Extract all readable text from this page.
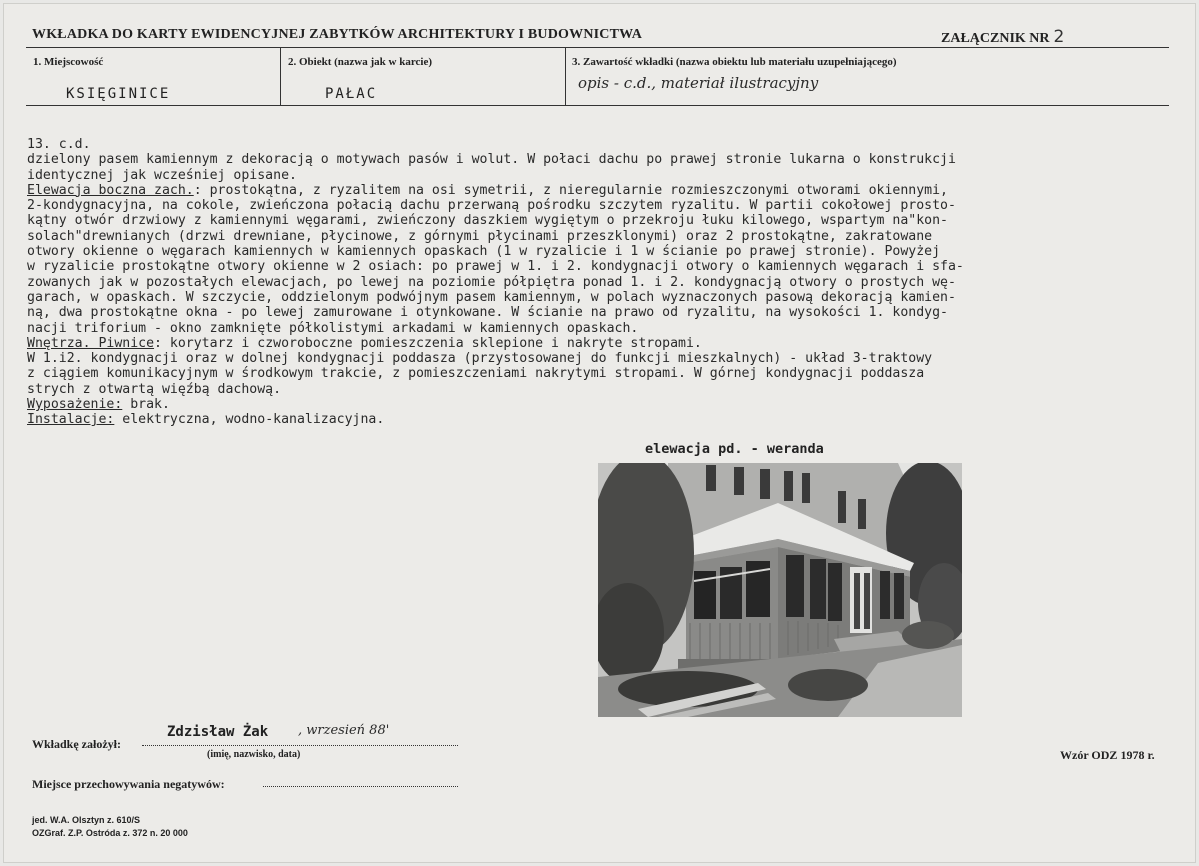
WKŁADKA DO KARTY EWIDENCYJNEJ ZABYTKÓW ARCHITEKTURY I BUDOWNICTWA	ZAŁĄCZNIK NR 2
1. Miejscowość
KSIĘGINICE
2. Obiekt (nazwa jak w karcie)
PAŁAC
3. Zawartość wkładki (nazwa obiektu lub materiału uzupełniającego)
opis - c.d., materiał ilustracyjny
13. c.d.
dzielony pasem kamiennym z dekoracją o motywach pasów i wolut. W połaci dachu po prawej stronie lukarna o konstrukcji
identycznej jak wcześniej opisane.
Elewacja boczna zach.: prostokątna, z ryzalitem na osi symetrii, z nieregularnie rozmieszczonymi otworami okiennymi,
2-kondygnacyjna, na cokole, zwieńczona połacią dachu przerwaną pośrodku szczytem ryzalitu. W partii cokołowej prosto-
kątny otwór drzwiowy z kamiennymi węgarami, zwieńczony daszkiem wygiętym o przekroju łuku kilowego, wspartym na"kon-
solach"drewnianych (drzwi drewniane, płycinowe, z górnymi płycinami przeszklonymi) oraz 2 prostokątne, zakratowane
otwory okienne o węgarach kamiennych w kamiennych opaskach (1 w ryzalicie i 1 w ścianie po prawej stronie). Powyżej
w ryzalicie prostokątne otwory okienne w 2 osiach: po prawej w 1. i 2. kondygnacji otwory o kamiennych węgarach i sfa-
zowanych jak w pozostałych elewacjach, po lewej na poziomie półpiętra ponad 1. i 2. kondygnacją otwory o prostych wę-
garach, w opaskach. W szczycie, oddzielonym podwójnym pasem kamiennym, w polach wyznaczonych pasową dekoracją kamien-
ną, dwa prostokątne okna - po lewej zamurowane i otynkowane. W ścianie na prawo od ryzalitu, na wysokości 1. kondyg-
nacji triforium - okno zamknięte półkolistymi arkadami w kamiennych opaskach.
Wnętrza. Piwnice: korytarz i czworoboczne pomieszczenia sklepione i nakryte stropami.
W 1.i2. kondygnacji oraz w dolnej kondygnacji poddasza (przystosowanej do funkcji mieszkalnych) - układ 3-traktowy
z ciągiem komunikacyjnym w środkowym trakcie, z pomieszczeniami nakrytymi stropami. W górnej kondygnacji poddasza
strych z otwartą więźbą dachową.
Wyposażenie: brak.
Instalacje: elektryczna, wodno-kanalizacyjna.
elewacja pd. - weranda
Wkładkę założył:
Zdzisław Żak , wrzesień 88'
(imię, nazwisko, data)	Wzór ODZ 1978 r.
Miejsce przechowywania negatywów:
jed. W.A. Olsztyn z. 610/S
OZGraf. Z.P. Ostróda z. 372 n. 20 000
